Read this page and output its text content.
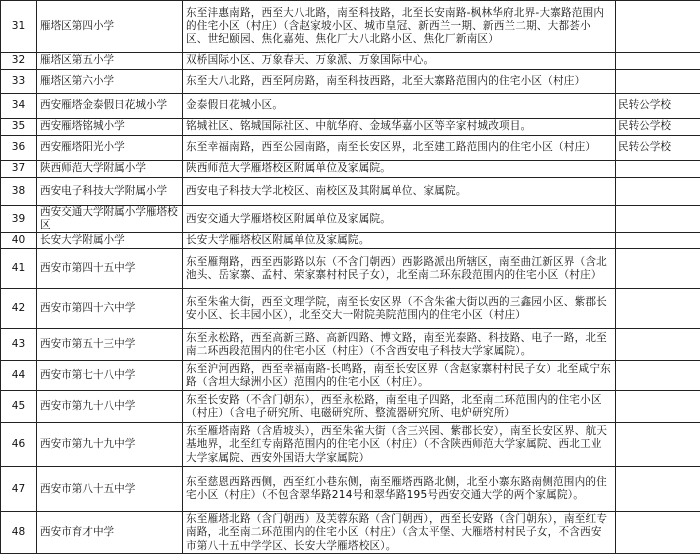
31	雁塔区第四小学	东至沣惠南路，西至大八北路，南至科技路，北至长安南路-枫林华府北界-大寨路范围内的住宅小区（村庄）（含赵家坡小区、城市皇冠、新西兰一期、新西兰二期、大都荟小区、世纪颐园、焦化嘉苑、焦化厂大八北路小区、焦化厂新南区）	
32	雁塔区第五小学	双桥国际小区、万象春天、万象派、万象国际中心。	
33	雁塔区第六小学	东至大八北路，西至阿房路，南至科技西路，北至大寨路范围内的住宅小区（村庄）	
34	西安雁塔金泰假日花城小学	金泰假日花城小区。	民转公学校
35	西安雁塔铭城小学	铭城社区、铭城国际社区、中航华府、金域华嘉小区等辛家村城改项目。	民转公学校
36	西安雁塔阳光小学	东至幸福南路，西至公园南路，南至长安区界，北至建工路范围内的住宅小区（村庄）	民转公学校
37	陕西师范大学附属小学	陕西师范大学雁塔校区附属单位及家属院。	
38	西安电子科技大学附属小学	西安电子科技大学北校区、南校区及其附属单位、家属院。	
39	西安交通大学附属小学雁塔校区	西安交通大学雁塔校区附属单位及家属院。	
40	长安大学附属小学	长安大学雁塔校区附属单位及家属院。	
41	西安市第四十五中学	东至雁翔路，西至西影路以东（不含门朝西）西影路派出所辖区，南至曲江新区界（含北池头、岳家寨、孟村、荣家寨村村民子女），北至南二环东段范围内的住宅小区（村庄）	
42	西安市第四十六中学	东至朱雀大街，西至文理学院，南至长安区界（不含朱雀大街以西的三鑫园小区、紫郡长安小区、长丰园小区），北至交大一附院美院范围内的住宅小区（村庄）	
43	西安市第五十三中学	东至永松路，西至高新三路、高新四路、博文路，南至光泰路、科技路、电子一路，北至南二环西段范围内的住宅小区（村庄）（不含西安电子科技大学家属院）。	
44	西安市第七十八中学	东至沪河西路，西至幸福南路-长鸣路，南至长安区界（含赵家寨村村民子女）北至咸宁东路（含坦大绿洲小区）范围内的住宅小区（村庄）。	
45	西安市第九十八中学	东至长安路（不含门朝东），西至永松路，南至电子四路，北至南二环范围内的住宅小区（村庄）（含电子研究所、电磁研究所、整流器研究所、电炉研究所）	
46	西安市第九十九中学	东至雁塔南路（含盾坡头），西至朱雀大街（含三兴园、紫郡长安），南至长安区界、航天基地界，北至红专南路范围内的住宅小区（村庄）（不含陕西师范大学家属院、西北工业大学家属院、西安外国语大学家属院）	
47	西安市第八十五中学	东至慈恩西路西侧，西至红小巷东侧，南至雁塔西路北侧，北至小寨东路南侧范围内的住宅小区（村庄）（不包含翠华路214号和翠华路195号西安交通大学的两个家属院）。	
48	西安市育才中学	东至雁塔北路（含门朝西）及芙蓉东路（含门朝西），西至长安路（含门朝东），南至红专南路，北至南二环范围内的住宅小区（村庄）（含太平堡、大雁塔村村民子女，不含西安市第八十五中学学区、长安大学雁塔校区）。	
